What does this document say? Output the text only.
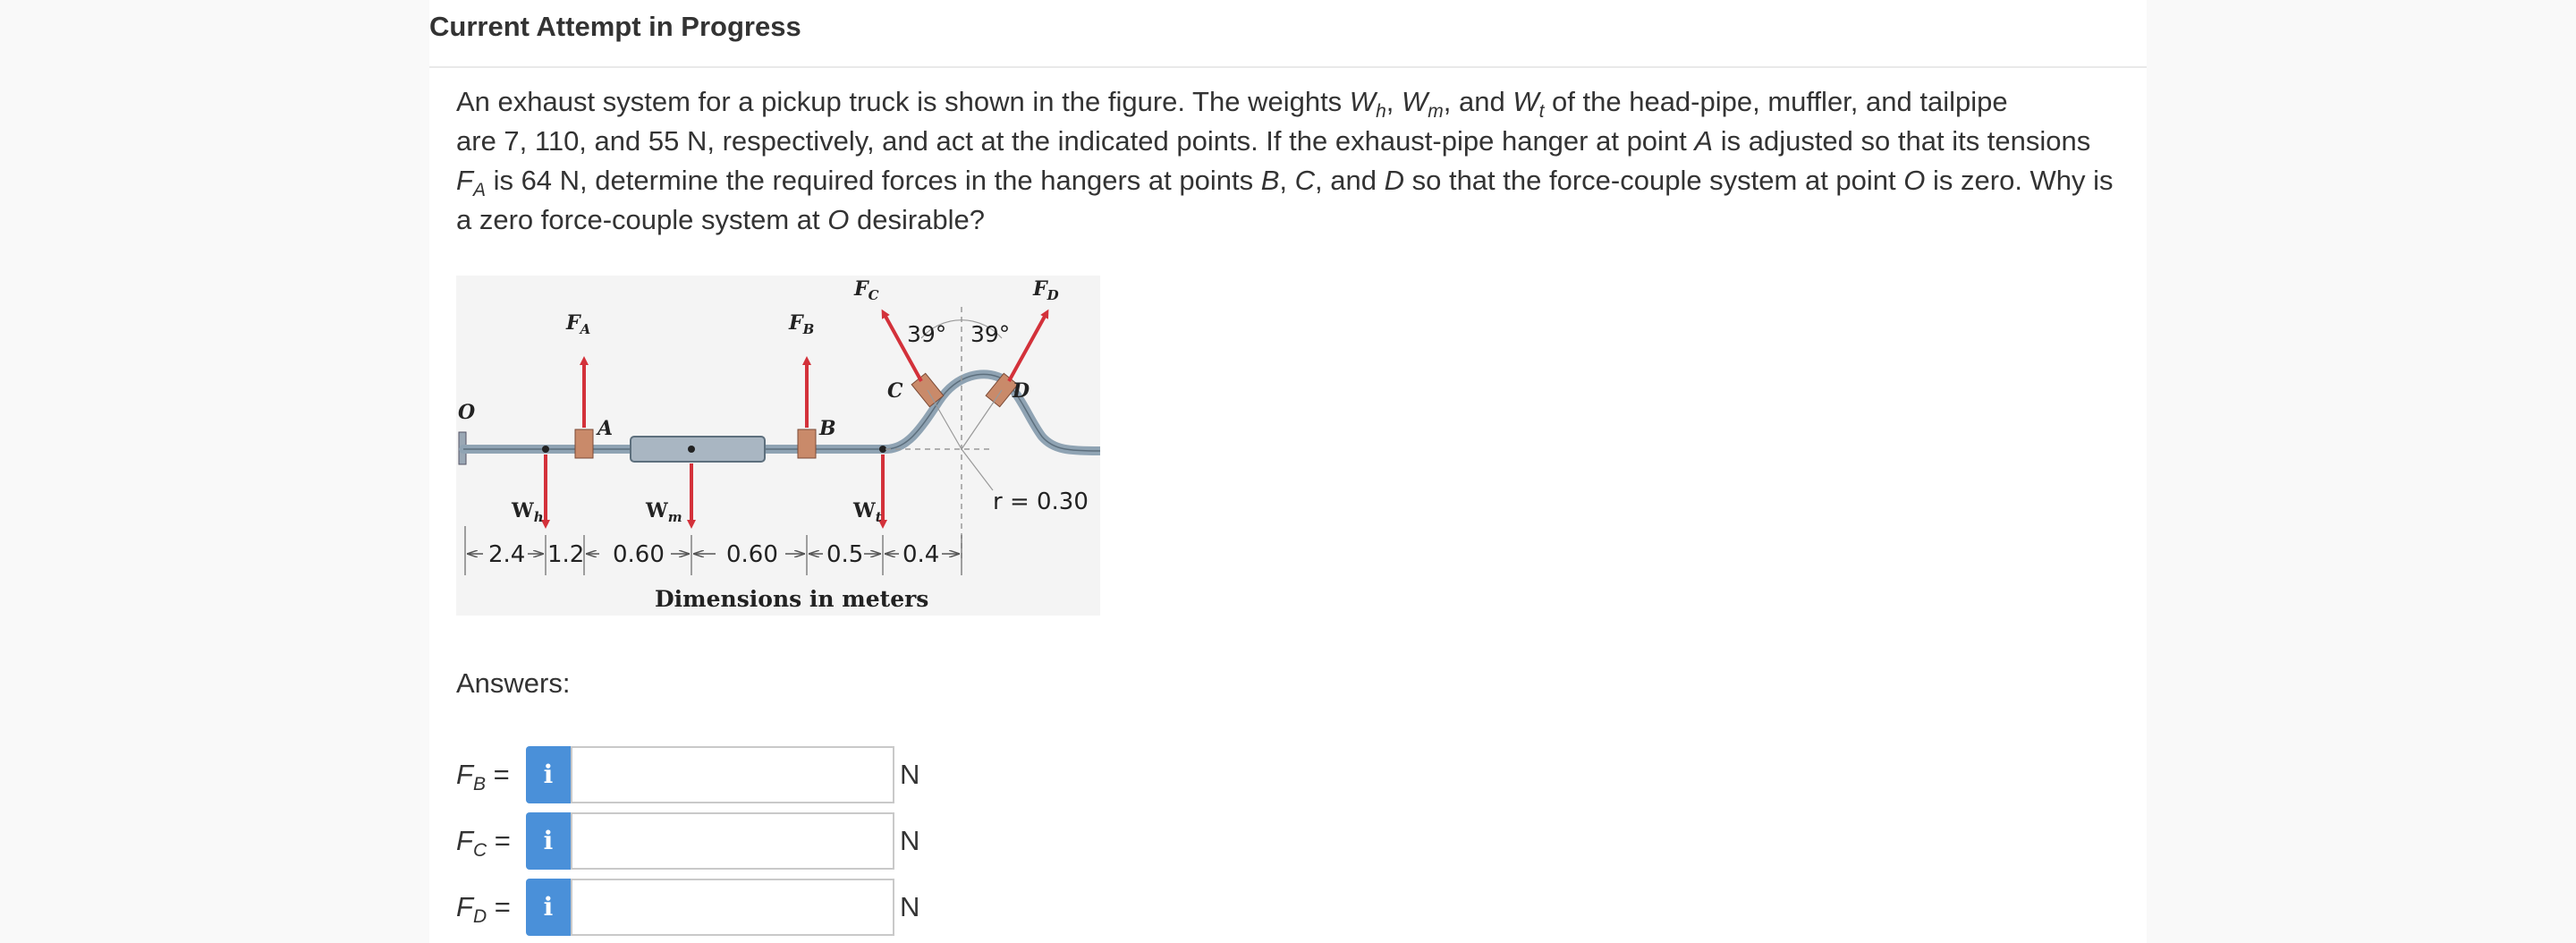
Current Attempt in Progress
An exhaust system for a pickup truck is shown in the figure. The weights $W_h$, $W_m$, and $W_t$ of the head-pipe, muffler, and tailpipe
are 7, 110, and 55 N, respectively, and act at the indicated points. If the exhaust-pipe hanger at point A is adjusted so that its tensions
$F_A$ is 64 N, determine the required forces in the hangers at points B, C, and D so that the force-couple system at point O is zero. Why is
a zero force-couple system at O desirable?
O
$F_A$	$F_B$
$F_C$	$F_D$
39° 39°
A	B
C	D
$W_h$	$W_m$	$W_t$
r = 0.30
2.4 1.2 0.60	0.60 0.5 0.4
Dimensions in meters
Answers:
$F_B$ =	i	N
$F_C$ =	i	N
$F_D$ =	i	N
